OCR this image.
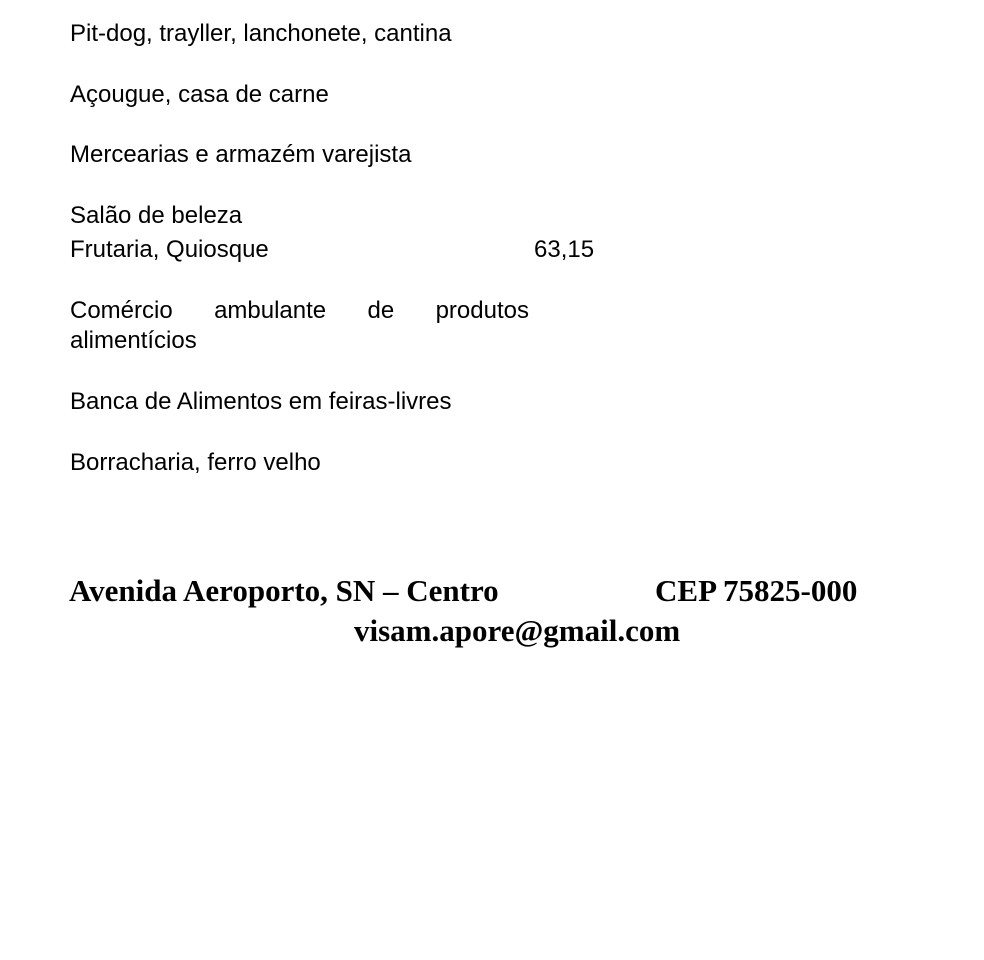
Pit-dog, trayller, lanchonete, cantina
Açougue, casa de carne
Mercearias e armazém varejista
Salão de beleza
Frutaria, Quiosque	63,15
Comércio ambulante de produtos
alimentícios
Banca de Alimentos em feiras-livres
Borracharia, ferro velho
Avenida Aeroporto, SN – Centro	CEP 75825-000
visam.apore@gmail.com
